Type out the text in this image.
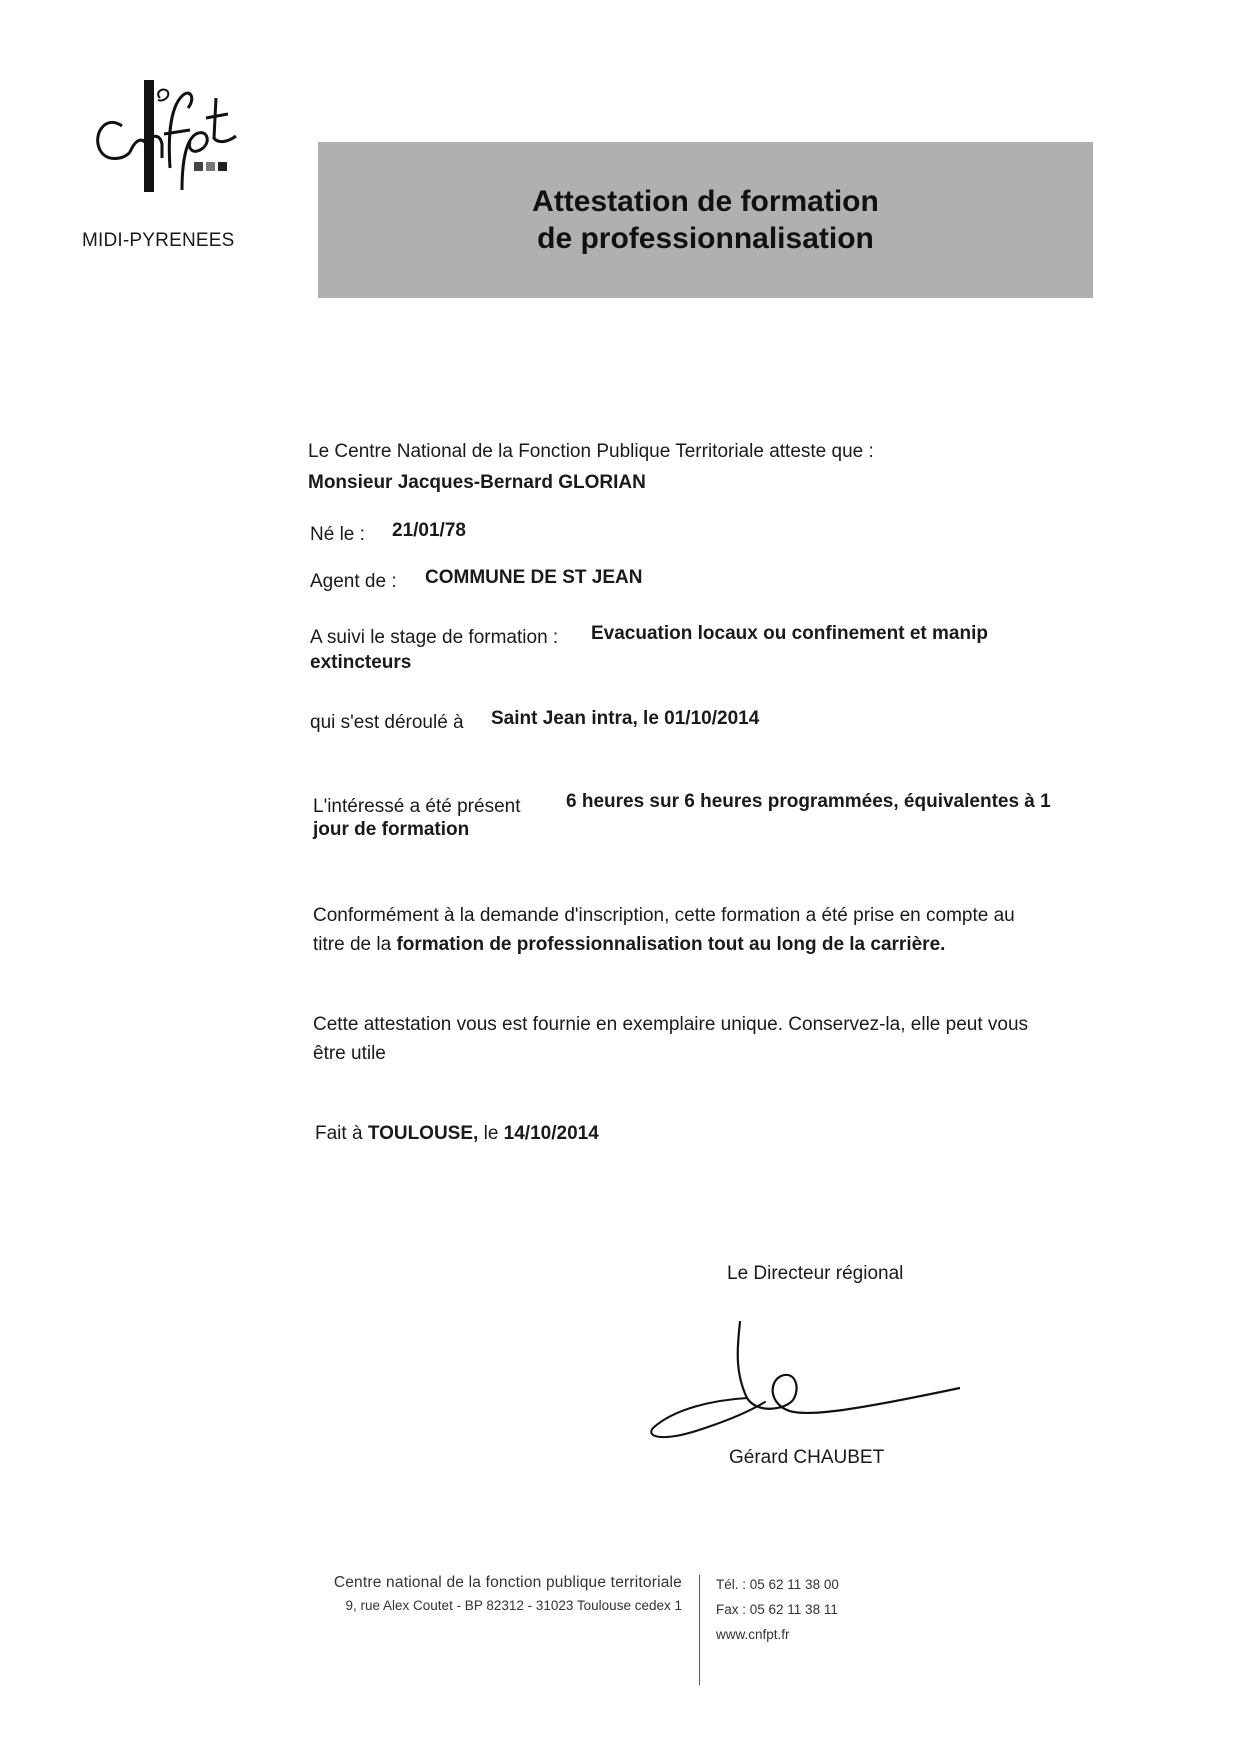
MIDI-PYRENEES
Attestation de formation
de professionnalisation
Le Centre National de la Fonction Publique Territoriale atteste que :
Monsieur Jacques-Bernard GLORIAN
Né le : 21/01/78
Agent de : COMMUNE DE ST JEAN
A suivi le stage de formation : Evacuation locaux ou confinement et manip
extincteurs
qui s'est déroulé à Saint Jean intra, le 01/10/2014
L'intéressé a été présent 6 heures sur 6 heures programmées, équivalentes à 1
jour de formation
Conformément à la demande d'inscription, cette formation a été prise en compte au
titre de la formation de professionnalisation tout au long de la carrière.
Cette attestation vous est fournie en exemplaire unique. Conservez-la, elle peut vous
être utile
Fait à TOULOUSE, le 14/10/2014
Le Directeur régional
Gérard CHAUBET
Centre national de la fonction publique territoriale
9, rue Alex Coutet - BP 82312 - 31023 Toulouse cedex 1
Tél. : 05 62 11 38 00
Fax : 05 62 11 38 11
www.cnfpt.fr
